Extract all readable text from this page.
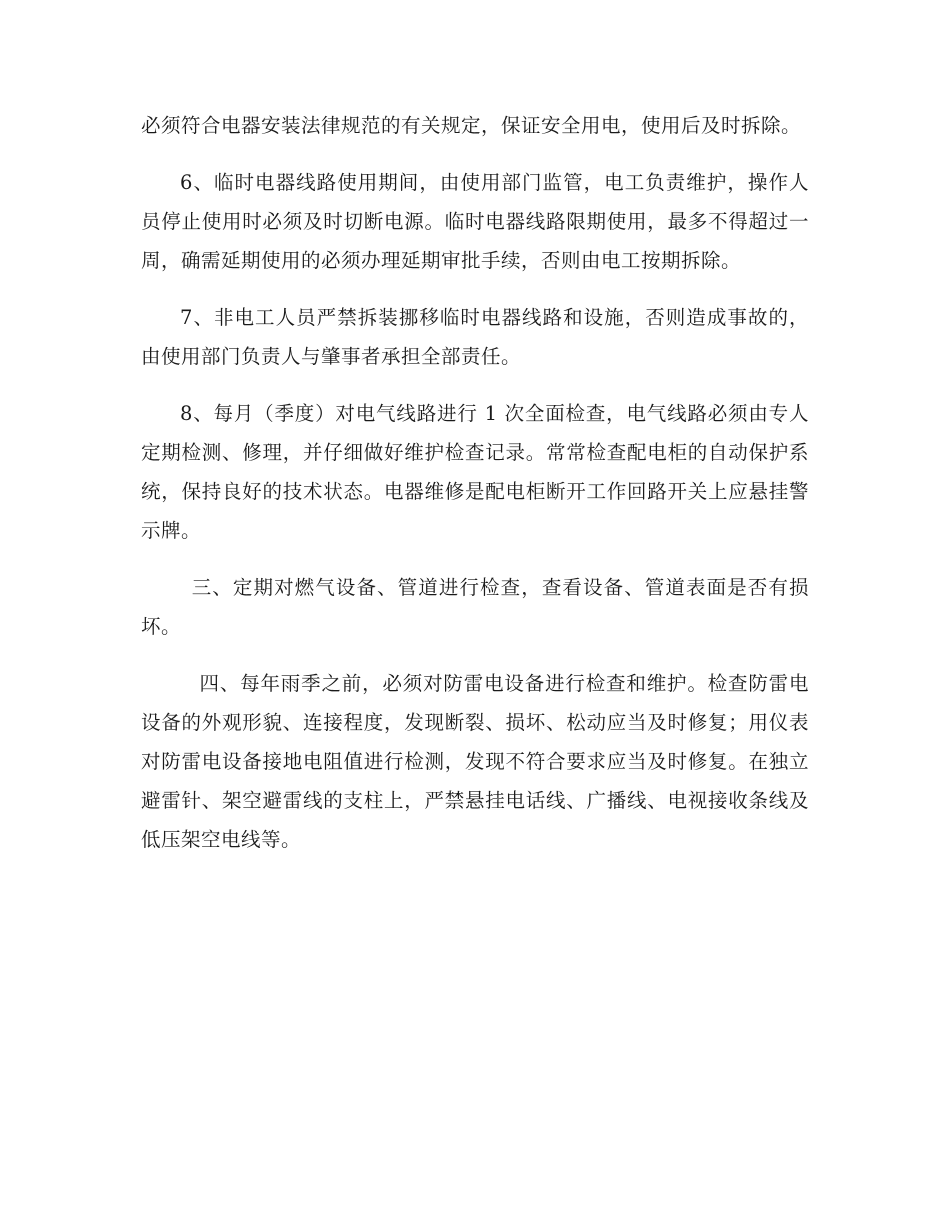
必须符合电器安装法律规范的有关规定，保证安全用电，使用后及时拆除。

6、临时电器线路使用期间，由使用部门监管，电工负责维护，操作人员停止使用时必须及时切断电源。临时电器线路限期使用，最多不得超过一周，确需延期使用的必须办理延期审批手续，否则由电工按期拆除。

7、非电工人员严禁拆装挪移临时电器线路和设施，否则造成事故的，由使用部门负责人与肇事者承担全部责任。

8、每月（季度）对电气线路进行 1 次全面检查，电气线路必须由专人定期检测、修理，并仔细做好维护检查记录。常常检查配电柜的自动保护系统，保持良好的技术状态。电器维修是配电柜断开工作回路开关上应悬挂警示牌。

三、定期对燃气设备、管道进行检查，查看设备、管道表面是否有损坏。

四、每年雨季之前，必须对防雷电设备进行检查和维护。检查防雷电设备的外观形貌、连接程度，发现断裂、损坏、松动应当及时修复；用仪表对防雷电设备接地电阻值进行检测，发现不符合要求应当及时修复。在独立避雷针、架空避雷线的支柱上，严禁悬挂电话线、广播线、电视接收条线及低压架空电线等。
